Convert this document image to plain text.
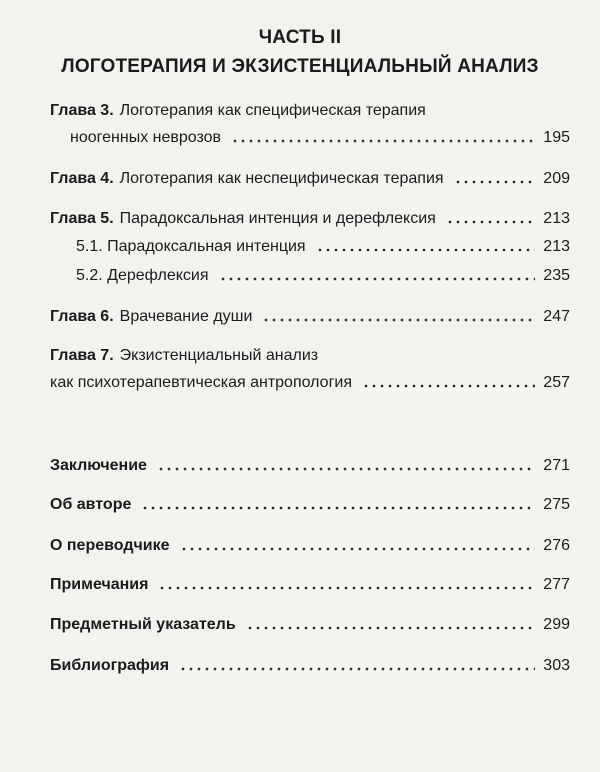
ЧАСТЬ II
ЛОГОТЕРАПИЯ И ЭКЗИСТЕНЦИАЛЬНЫЙ АНАЛИЗ
Глава 3. Логотерапия как специфическая терапия
ноогенных неврозов	195
Глава 4. Логотерапия как неспецифическая терапия	209
Глава 5. Парадоксальная интенция и дерефлексия	213
5.1. Парадоксальная интенция	213
5.2. Дерефлексия	235
Глава 6. Врачевание души	247
Глава 7. Экзистенциальный анализ
как психотерапевтическая антропология	257
Заключение	271
Об авторе	275
О переводчике	276
Примечания	277
Предметный указатель	299
Библиография	303
